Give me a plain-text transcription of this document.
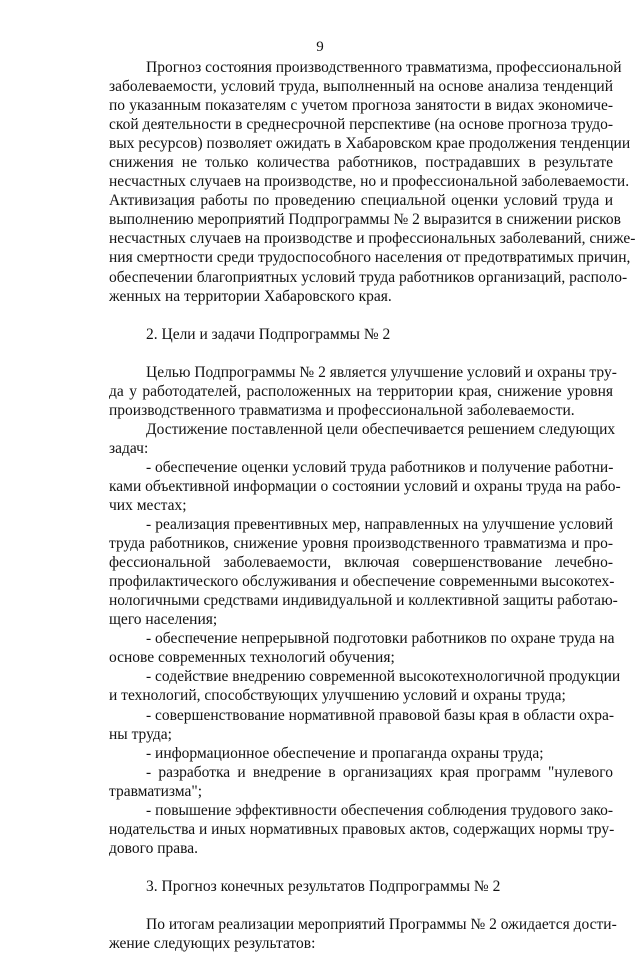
9
Прогноз состояния производственного травматизма, профессиональной
заболеваемости, условий труда, выполненный на основе анализа тенденций
по указанным показателям с учетом прогноза занятости в видах экономиче-
ской деятельности в среднесрочной перспективе (на основе прогноза трудо-
вых ресурсов) позволяет ожидать в Хабаровском крае продолжения тенденции
снижения не только количества работников, пострадавших в результате
несчастных случаев на производстве, но и профессиональной заболеваемости.
Активизация работы по проведению специальной оценки условий труда и
выполнению мероприятий Подпрограммы № 2 выразится в снижении рисков
несчастных случаев на производстве и профессиональных заболеваний, сниже-
ния смертности среди трудоспособного населения от предотвратимых причин,
обеспечении благоприятных условий труда работников организаций, располо-
женных на территории Хабаровского края.
2. Цели и задачи Подпрограммы № 2
Целью Подпрограммы № 2 является улучшение условий и охраны тру-
да у работодателей, расположенных на территории края, снижение уровня
производственного травматизма и профессиональной заболеваемости.
Достижение поставленной цели обеспечивается решением следующих
задач:
- обеспечение оценки условий труда работников и получение работни-
ками объективной информации о состоянии условий и охраны труда на рабо-
чих местах;
- реализация превентивных мер, направленных на улучшение условий
труда работников, снижение уровня производственного травматизма и про-
фессиональной заболеваемости, включая совершенствование лечебно-
профилактического обслуживания и обеспечение современными высокотех-
нологичными средствами индивидуальной и коллективной защиты работаю-
щего населения;
- обеспечение непрерывной подготовки работников по охране труда на
основе современных технологий обучения;
- содействие внедрению современной высокотехнологичной продукции
и технологий, способствующих улучшению условий и охраны труда;
- совершенствование нормативной правовой базы края в области охра-
ны труда;
- информационное обеспечение и пропаганда охраны труда;
- разработка и внедрение в организациях края программ "нулевого
травматизма";
- повышение эффективности обеспечения соблюдения трудового зако-
нодательства и иных нормативных правовых актов, содержащих нормы тру-
дового права.
3. Прогноз конечных результатов Подпрограммы № 2
По итогам реализации мероприятий Программы № 2 ожидается дости-
жение следующих результатов:
